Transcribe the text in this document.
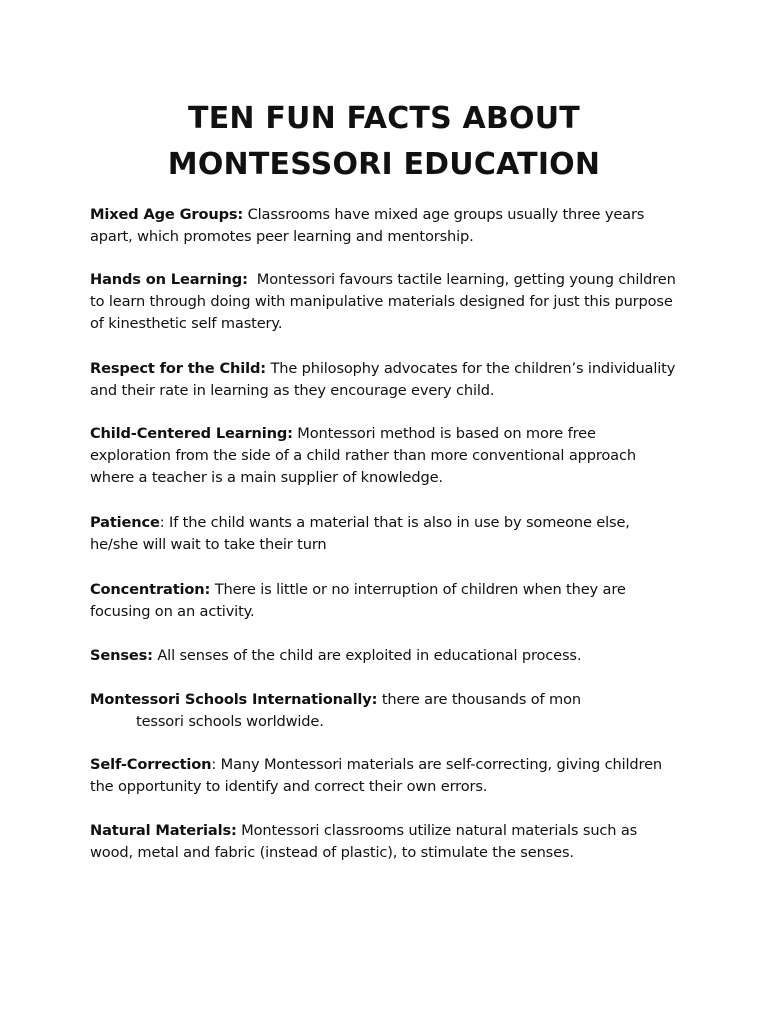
TEN FUN FACTS ABOUT
MONTESSORI EDUCATION
Mixed Age Groups: Classrooms have mixed age groups usually three years
apart, which promotes peer learning and mentorship.
Hands on Learning:  Montessori favours tactile learning, getting young children
to learn through doing with manipulative materials designed for just this purpose
of kinesthetic self mastery.
Respect for the Child: The philosophy advocates for the children’s individuality
and their rate in learning as they encourage every child.
Child-Centered Learning: Montessori method is based on more free
exploration from the side of a child rather than more conventional approach
where a teacher is a main supplier of knowledge.
Patience: If the child wants a material that is also in use by someone else,
he/she will wait to take their turn
Concentration: There is little or no interruption of children when they are
focusing on an activity.
Senses: All senses of the child are exploited in educational process.
Montessori Schools Internationally: there are thousands of mon
tessori schools worldwide.
Self-Correction: Many Montessori materials are self-correcting, giving children
the opportunity to identify and correct their own errors.
Natural Materials: Montessori classrooms utilize natural materials such as
wood, metal and fabric (instead of plastic), to stimulate the senses.
